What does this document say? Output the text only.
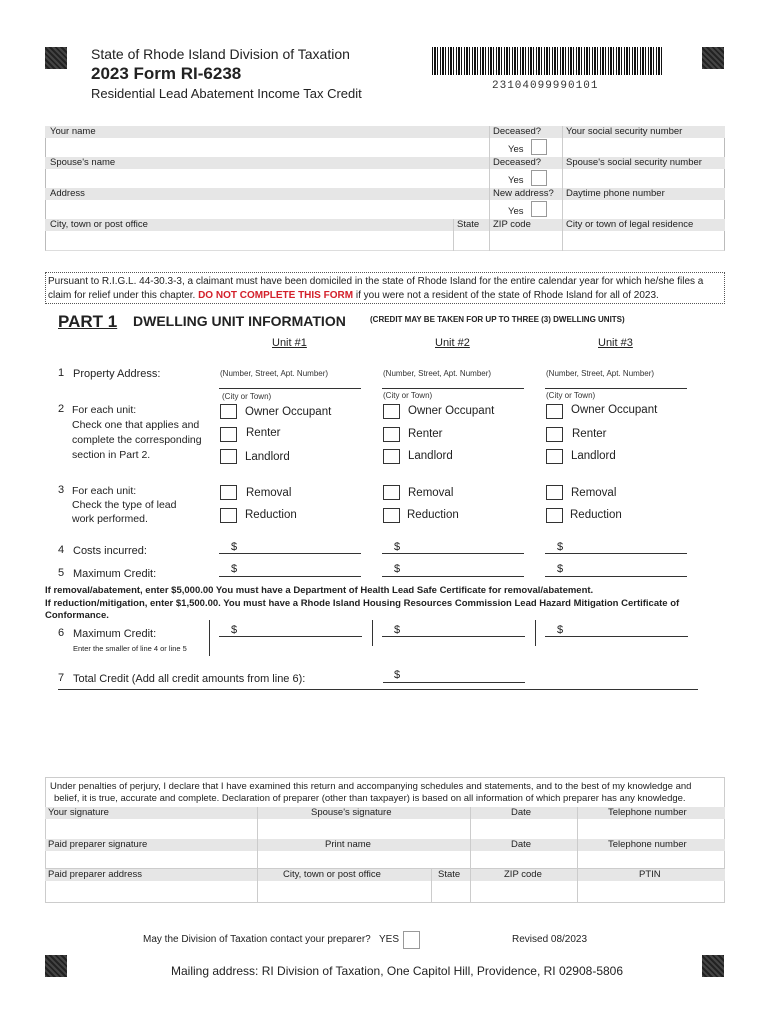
State of Rhode Island Division of Taxation
2023 Form RI-6238
Residential Lead Abatement Income Tax Credit	23104099990101
Your name	Deceased?	Your social security number
Yes
Spouse's name	Deceased?	Spouse's social security number
Yes
Address	New address? Daytime phone number
Yes
City, town or post office	State ZIP code	City or town of legal residence
Pursuant to R.I.G.L. 44-30.3-3, a claimant must have been domiciled in the state of Rhode Island for the entire calendar year for which he/she files a
claim for relief under this chapter. DO NOT COMPLETE THIS FORM if you were not a resident of the state of Rhode Island for all of 2023.
PART 1 DWELLING UNIT INFORMATION	(CREDIT MAY BE TAKEN FOR UP TO THREE (3) DWELLING UNITS)
Unit #1	Unit #2	Unit #3
1 Property Address:	(Number, Street, Apt. Number)	(Number, Street, Apt. Number)	(Number, Street, Apt. Number)
(City or Town)	(City or Town)	(City or Town)
2 For each unit:
Check one that applies and
complete the corresponding
section in Part 2.
Owner Occupant
Renter
Landlord
Owner Occupant
Renter
Landlord
Owner Occupant
Renter
Landlord
3 For each unit:
Check the type of lead
work performed.
Removal
Reduction
Removal
Reduction
Removal
Reduction
4 Costs incurred:	$	$	$
5 Maximum Credit:	$	$	$
If removal/abatement, enter $5,000.00 You must have a Department of Health Lead Safe Certificate for removal/abatement.
If reduction/mitigation, enter $1,500.00. You must have a Rhode Island Housing Resources Commission Lead Hazard Mitigation Certificate of
Conformance.
6 Maximum Credit:
Enter the smaller of line 4 or line 5
$	$	$
7 Total Credit (Add all credit amounts from line 6):	$
Under penalties of perjury, I declare that I have examined this return and accompanying schedules and statements, and to the best of my knowledge and
belief, it is true, accurate and complete. Declaration of preparer (other than taxpayer) is based on all information of which preparer has any knowledge.
Your signature	Spouse's signature	Date	Telephone number
Paid preparer signature	Print name	Date	Telephone number
Paid preparer address	City, town or post office	State	ZIP code	PTIN
May the Division of Taxation contact your preparer? YES	Revised 08/2023
Mailing address: RI Division of Taxation, One Capitol Hill, Providence, RI 02908-5806
